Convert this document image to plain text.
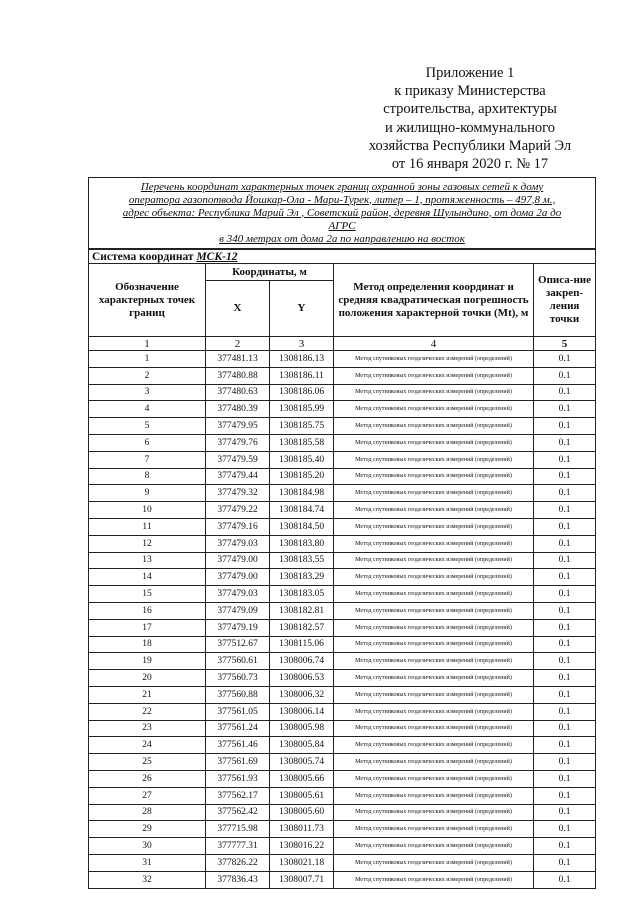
Приложение 1
к приказу Министерства
строительства, архитектуры
и жилищно-коммунального
хозяйства Республики Марий Эл
от 16 января 2020 г. № 17
Перечень координат характерных точек границ охранной зоны газовых сетей к дому
оператора газопотвода Йошкар-Ола - Мари-Турек, литер – 1, протяженность – 497,8 м.,
адрес объекта: Республика Марий Эл , Советский район, деревня Шулындино, от дома 2а до
АГРС
в 340 метрах от дома 2а по направлению на восток				
Система координат МСК-12				
Обозначение характерных точек границ	Координаты, м		Метод определения координат и средняя квадратическая погрешность положения характерной точки (Mt), м	Описа-ние закреп-ления точки
	X	Y		
1	2	3	4	5
1	377481.13	1308186.13	Метод спутниковых геодезических измерений (определений)	0.1
2	377480.88	1308186.11	Метод спутниковых геодезических измерений (определений)	0.1
3	377480.63	1308186.06	Метод спутниковых геодезических измерений (определений)	0.1
4	377480.39	1308185.99	Метод спутниковых геодезических измерений (определений)	0.1
5	377479.95	1308185.75	Метод спутниковых геодезических измерений (определений)	0.1
6	377479.76	1308185.58	Метод спутниковых геодезических измерений (определений)	0.1
7	377479.59	1308185.40	Метод спутниковых геодезических измерений (определений)	0.1
8	377479.44	1308185.20	Метод спутниковых геодезических измерений (определений)	0.1
9	377479.32	1308184.98	Метод спутниковых геодезических измерений (определений)	0.1
10	377479.22	1308184.74	Метод спутниковых геодезических измерений (определений)	0.1
11	377479.16	1308184.50	Метод спутниковых геодезических измерений (определений)	0.1
12	377479.03	1308183.80	Метод спутниковых геодезических измерений (определений)	0.1
13	377479.00	1308183.55	Метод спутниковых геодезических измерений (определений)	0.1
14	377479.00	1308183.29	Метод спутниковых геодезических измерений (определений)	0.1
15	377479.03	1308183.05	Метод спутниковых геодезических измерений (определений)	0.1
16	377479.09	1308182.81	Метод спутниковых геодезических измерений (определений)	0.1
17	377479.19	1308182.57	Метод спутниковых геодезических измерений (определений)	0.1
18	377512.67	1308115.06	Метод спутниковых геодезических измерений (определений)	0.1
19	377560.61	1308006.74	Метод спутниковых геодезических измерений (определений)	0.1
20	377560.73	1308006.53	Метод спутниковых геодезических измерений (определений)	0.1
21	377560.88	1308006.32	Метод спутниковых геодезических измерений (определений)	0.1
22	377561.05	1308006.14	Метод спутниковых геодезических измерений (определений)	0.1
23	377561.24	1308005.98	Метод спутниковых геодезических измерений (определений)	0.1
24	377561.46	1308005.84	Метод спутниковых геодезических измерений (определений)	0.1
25	377561.69	1308005.74	Метод спутниковых геодезических измерений (определений)	0.1
26	377561.93	1308005.66	Метод спутниковых геодезических измерений (определений)	0.1
27	377562.17	1308005.61	Метод спутниковых геодезических измерений (определений)	0.1
28	377562.42	1308005.60	Метод спутниковых геодезических измерений (определений)	0.1
29	377715.98	1308011.73	Метод спутниковых геодезических измерений (определений)	0.1
30	377777.31	1308016.22	Метод спутниковых геодезических измерений (определений)	0.1
31	377826.22	1308021.18	Метод спутниковых геодезических измерений (определений)	0.1
32	377836.43	1308007.71	Метод спутниковых геодезических измерений (определений)	0.1
